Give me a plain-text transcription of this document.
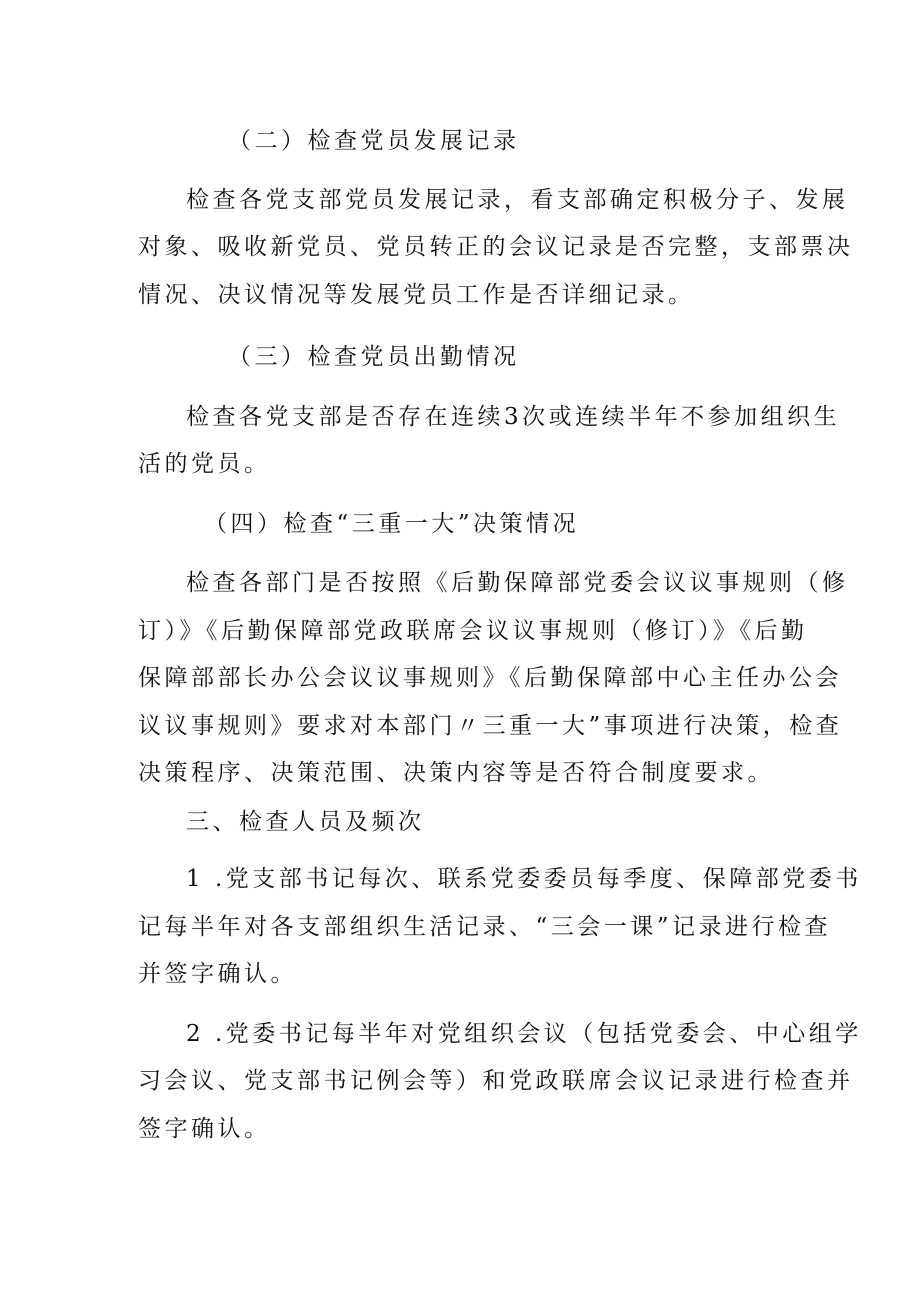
（二）检查党员发展记录
检查各党支部党员发展记录，看支部确定积极分子、发展
对象、吸收新党员、党员转正的会议记录是否完整，支部票决
情况、决议情况等发展党员工作是否详细记录。
（三）检查党员出勤情况
检查各党支部是否存在连续3次或连续半年不参加组织生
活的党员。
（四）检查“三重一大”决策情况
检查各部门是否按照《后勤保障部党委会议议事规则（修
订）》《后勤保障部党政联席会议议事规则（修订）》《后勤
保障部部长办公会议议事规则》《后勤保障部中心主任办公会
议议事规则》要求对本部门〃三重一大”事项进行决策，检查
决策程序、决策范围、决策内容等是否符合制度要求。
三、检查人员及频次
1 .党支部书记每次、联系党委委员每季度、保障部党委书
记每半年对各支部组织生活记录、“三会一课”记录进行检查
并签字确认。
2 .党委书记每半年对党组织会议（包括党委会、中心组学
习会议、党支部书记例会等）和党政联席会议记录进行检查并
签字确认。
